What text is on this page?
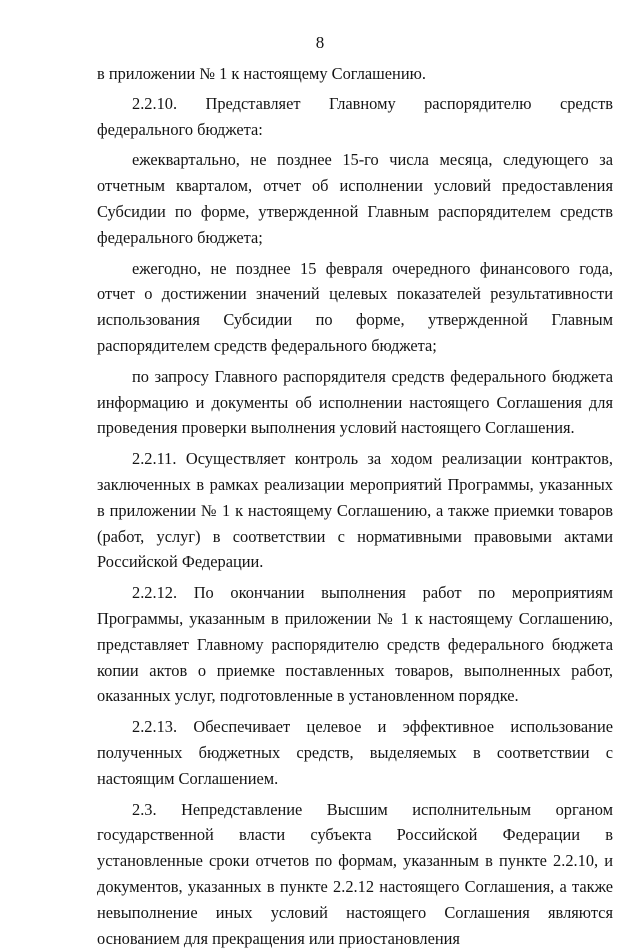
8

в приложении № 1 к настоящему Соглашению.

2.2.10. Представляет Главному распорядителю средств федерального бюджета:

ежеквартально, не позднее 15-го числа месяца, следующего за отчетным кварталом, отчет об исполнении условий предоставления Субсидии по форме, утвержденной Главным распорядителем средств федерального бюджета;

ежегодно, не позднее 15 февраля очередного финансового года, отчет о достижении значений целевых показателей результативности использования Субсидии по форме, утвержденной Главным распорядителем средств федерального бюджета;

по запросу Главного распорядителя средств федерального бюджета информацию и документы об исполнении настоящего Соглашения для проведения проверки выполнения условий настоящего Соглашения.

2.2.11. Осуществляет контроль за ходом реализации контрактов, заключенных в рамках реализации мероприятий Программы, указанных в приложении № 1 к настоящему Соглашению, а также приемки товаров (работ, услуг) в соответствии с нормативными правовыми актами Российской Федерации.

2.2.12. По окончании выполнения работ по мероприятиям Программы, указанным в приложении № 1 к настоящему Соглашению, представляет Главному распорядителю средств федерального бюджета копии актов о приемке поставленных товаров, выполненных работ, оказанных услуг, подготовленные в установленном порядке.

2.2.13. Обеспечивает целевое и эффективное использование полученных бюджетных средств, выделяемых в соответствии с настоящим Соглашением.

2.3. Непредставление Высшим исполнительным органом государственной власти субъекта Российской Федерации в установленные сроки отчетов по формам, указанным в пункте 2.2.10, и документов, указанных в пункте 2.2.12 настоящего Соглашения, а также невыполнение иных условий настоящего Соглашения являются основанием для прекращения или приостановления
